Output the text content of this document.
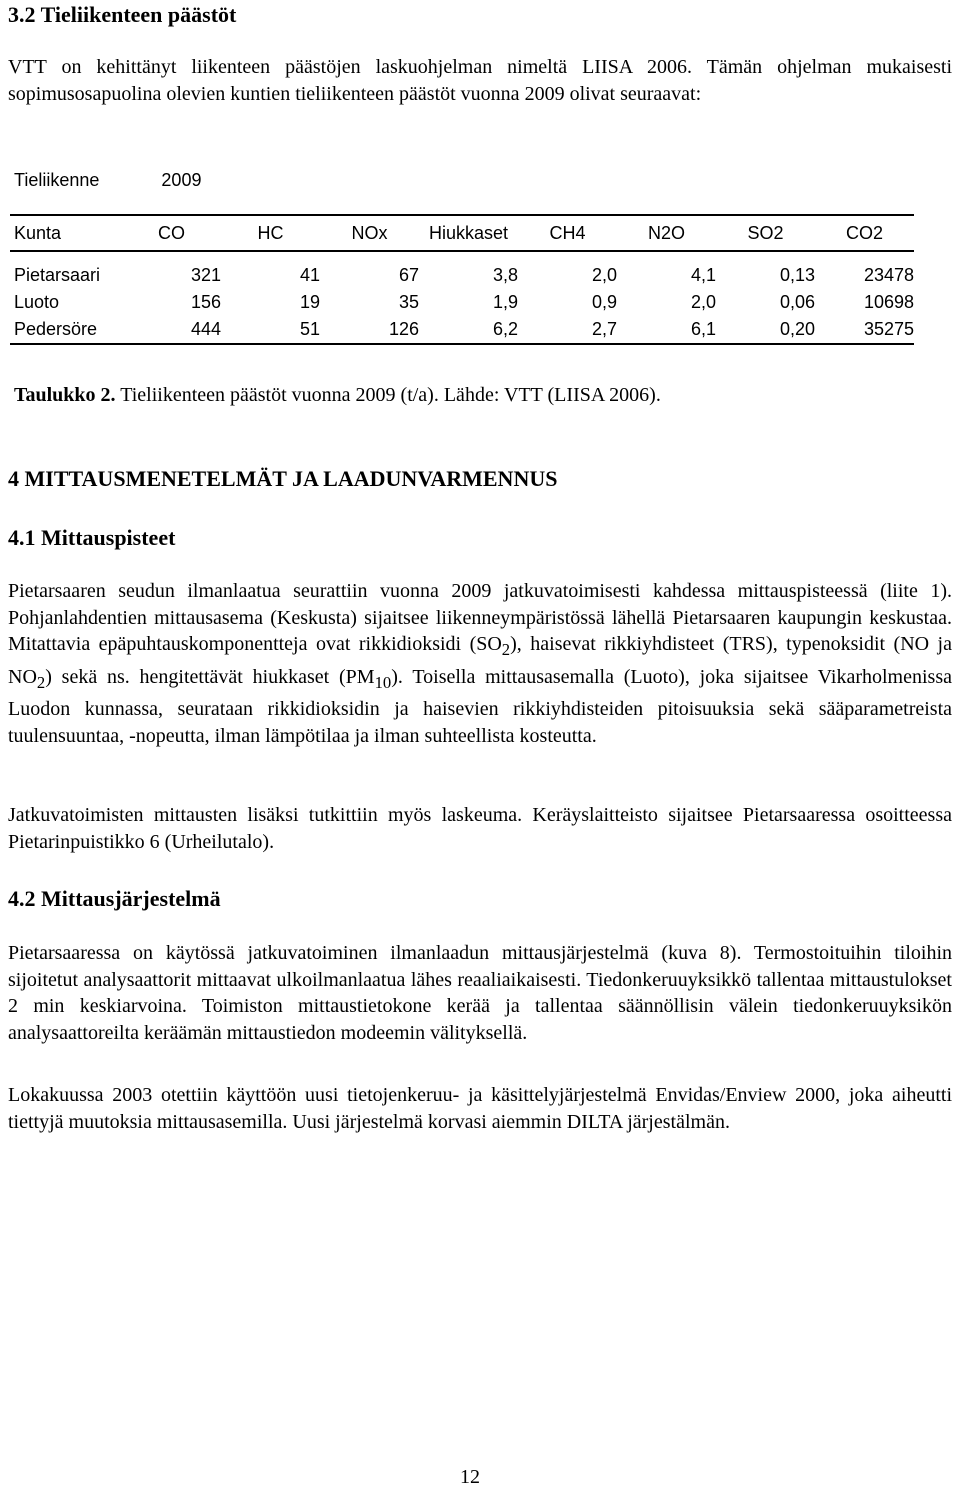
3.2 Tieliikenteen päästöt

VTT on kehittänyt liikenteen päästöjen laskuohjelman nimeltä LIISA 2006. Tämän ohjelman mukaisesti sopimusosapuolina olevien kuntien tieliikenteen päästöt vuonna 2009 olivat seuraavat:

Tieliikenne	2009
Kunta	CO	HC	NOx	Hiukkaset	CH4	N2O	SO2	CO2
Pietarsaari	321	41	67	3,8	2,0	4,1	0,13	23478
Luoto	156	19	35	1,9	0,9	2,0	0,06	10698
Pedersöre	444	51	126	6,2	2,7	6,1	0,20	35275
Taulukko 2. Tieliikenteen päästöt vuonna 2009 (t/a). Lähde: VTT (LIISA 2006).
4 MITTAUSMENETELMÄT JA LAADUNVARMENNUS
4.1 Mittauspisteet

Pietarsaaren seudun ilmanlaatua seurattiin vuonna 2009 jatkuvatoimisesti kahdessa mittauspisteessä (liite 1). Pohjanlahdentien mittausasema (Keskusta) sijaitsee liikenneympäristössä lähellä Pietarsaaren kaupungin keskustaa. Mitattavia epäpuhtauskomponentteja ovat rikkidioksidi $(SO_2)$, haisevat rikkiyhdisteet (TRS), typenoksidit (NO ja $NO_2$) sekä ns. hengitettävät hiukkaset $(PM_{10})$. Toisella mittausasemalla (Luoto), joka sijaitsee Vikarholmenissa Luodon kunnassa, seurataan rikkidioksidin ja haisevien rikkiyhdisteiden pitoisuuksia sekä sääparametreista tuulensuuntaa, -nopeutta, ilman lämpötilaa ja ilman suhteellista kosteutta.

Jatkuvatoimisten mittausten lisäksi tutkittiin myös laskeuma. Keräyslaitteisto sijaitsee Pietarsaaressa osoitteessa Pietarinpuistikko 6 (Urheilutalo).

4.2 Mittausjärjestelmä

Pietarsaaressa on käytössä jatkuvatoiminen ilmanlaadun mittausjärjestelmä (kuva 8). Termostoituihin tiloihin sijoitetut analysaattorit mittaavat ulkoilmanlaatua lähes reaaliaikaisesti. Tiedonkeruuyksikkö tallentaa mittaustulokset 2 min keskiarvoina. Toimiston mittaustietokone kerää ja tallentaa säännöllisin välein tiedonkeruuyksikön analysaattoreilta keräämän mittaustiedon modeemin välityksellä.

Lokakuussa 2003 otettiin käyttöön uusi tietojenkeruu- ja käsittelyjärjestelmä Envidas/Enview 2000, joka aiheutti tiettyjä muutoksia mittausasemilla. Uusi järjestelmä korvasi aiemmin DILTA järjestälmän.

12
